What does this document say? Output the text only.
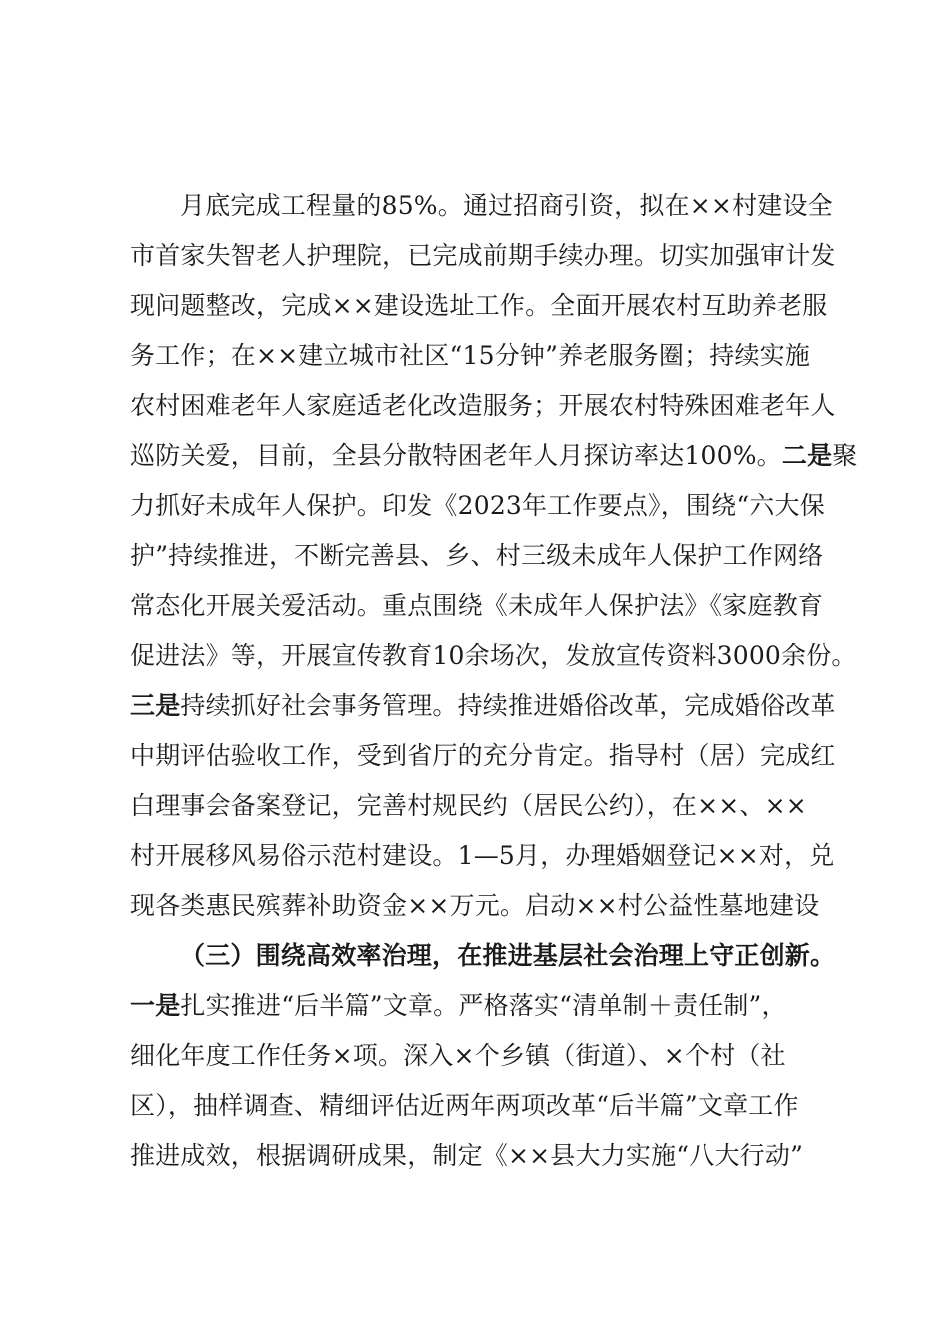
月底完成工程量的85%。通过招商引资，拟在××村建设全
市首家失智老人护理院，已完成前期手续办理。切实加强审计发
现问题整改，完成××建设选址工作。全面开展农村互助养老服
务工作；在××建立城市社区“15分钟”养老服务圈；持续实施
农村困难老年人家庭适老化改造服务；开展农村特殊困难老年人
巡防关爱，目前，全县分散特困老年人月探访率达100%。二是聚
力抓好未成年人保护。印发《2023年工作要点》，围绕“六大保
护”持续推进，不断完善县、乡、村三级未成年人保护工作网络
常态化开展关爱活动。重点围绕《未成年人保护法》《家庭教育
促进法》等，开展宣传教育10余场次，发放宣传资料3000余份。
三是持续抓好社会事务管理。持续推进婚俗改革，完成婚俗改革
中期评估验收工作，受到省厅的充分肯定。指导村（居）完成红
白理事会备案登记，完善村规民约（居民公约），在××、××
村开展移风易俗示范村建设。1—5月，办理婚姻登记××对，兑
现各类惠民殡葬补助资金××万元。启动××村公益性墓地建设
（三）围绕高效率治理，在推进基层社会治理上守正创新。
一是扎实推进“后半篇”文章。严格落实“清单制＋责任制”，
细化年度工作任务×项。深入×个乡镇（街道）、×个村（社
区），抽样调查、精细评估近两年两项改革“后半篇”文章工作
推进成效，根据调研成果，制定《××县大力实施“八大行动”
